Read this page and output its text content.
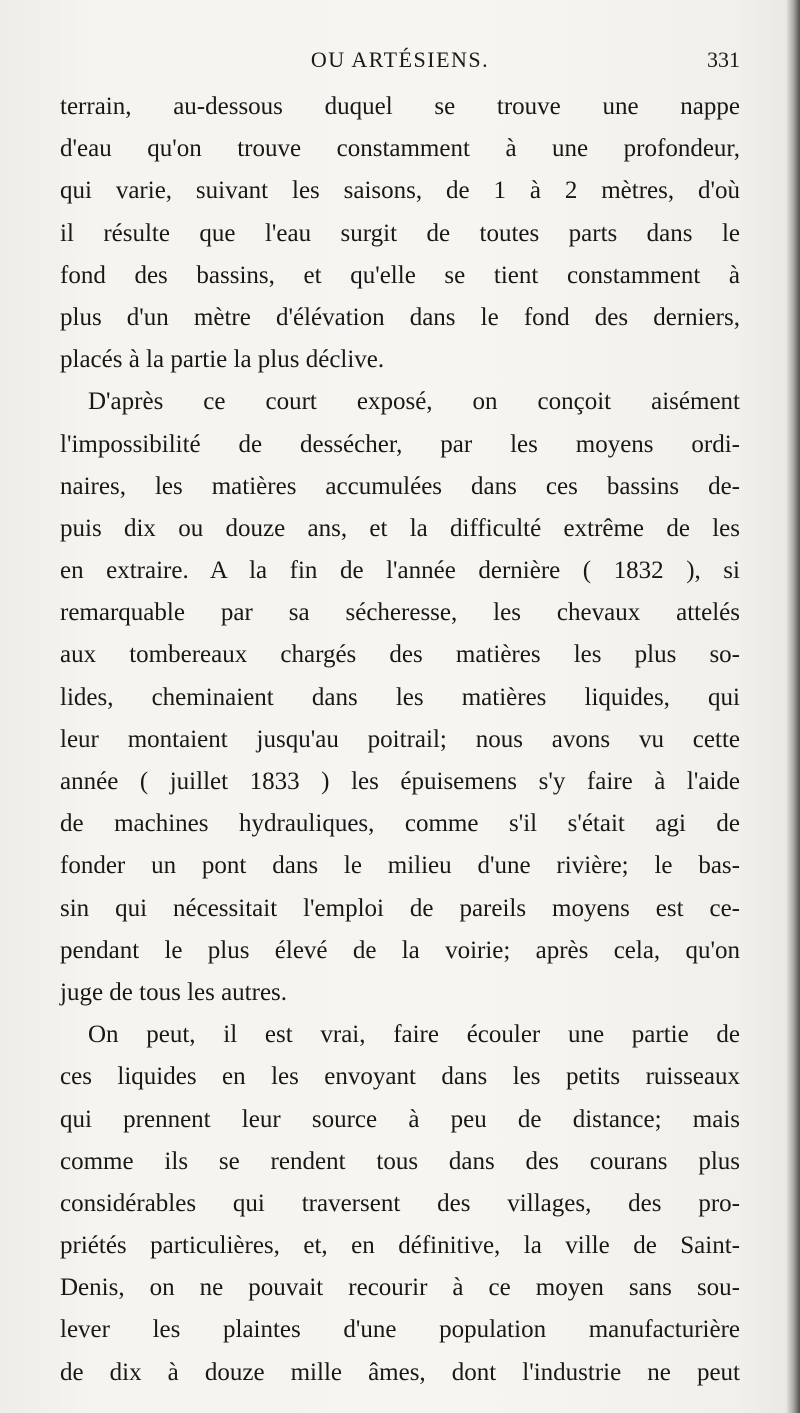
OU ARTÉSIENS.	331
terrain, au-dessous duquel se trouve une nappe
d'eau qu'on trouve constamment à une profondeur,
qui varie, suivant les saisons, de 1 à 2 mètres, d'où
il résulte que l'eau surgit de toutes parts dans le
fond des bassins, et qu'elle se tient constamment à
plus d'un mètre d'élévation dans le fond des derniers,
placés à la partie la plus déclive.
D'après ce court exposé, on conçoit aisément
l'impossibilité de dessécher, par les moyens ordi-
naires, les matières accumulées dans ces bassins de-
puis dix ou douze ans, et la difficulté extrême de les
en extraire. A la fin de l'année dernière ( 1832 ), si
remarquable par sa sécheresse, les chevaux attelés
aux tombereaux chargés des matières les plus so-
lides, cheminaient dans les matières liquides, qui
leur montaient jusqu'au poitrail; nous avons vu cette
année ( juillet 1833 ) les épuisemens s'y faire à l'aide
de machines hydrauliques, comme s'il s'était agi de
fonder un pont dans le milieu d'une rivière; le bas-
sin qui nécessitait l'emploi de pareils moyens est ce-
pendant le plus élevé de la voirie; après cela, qu'on
juge de tous les autres.
On peut, il est vrai, faire écouler une partie de
ces liquides en les envoyant dans les petits ruisseaux
qui prennent leur source à peu de distance; mais
comme ils se rendent tous dans des courans plus
considérables qui traversent des villages, des pro-
priétés particulières, et, en définitive, la ville de Saint-
Denis, on ne pouvait recourir à ce moyen sans sou-
lever les plaintes d'une population manufacturière
de dix à douze mille âmes, dont l'industrie ne peut
